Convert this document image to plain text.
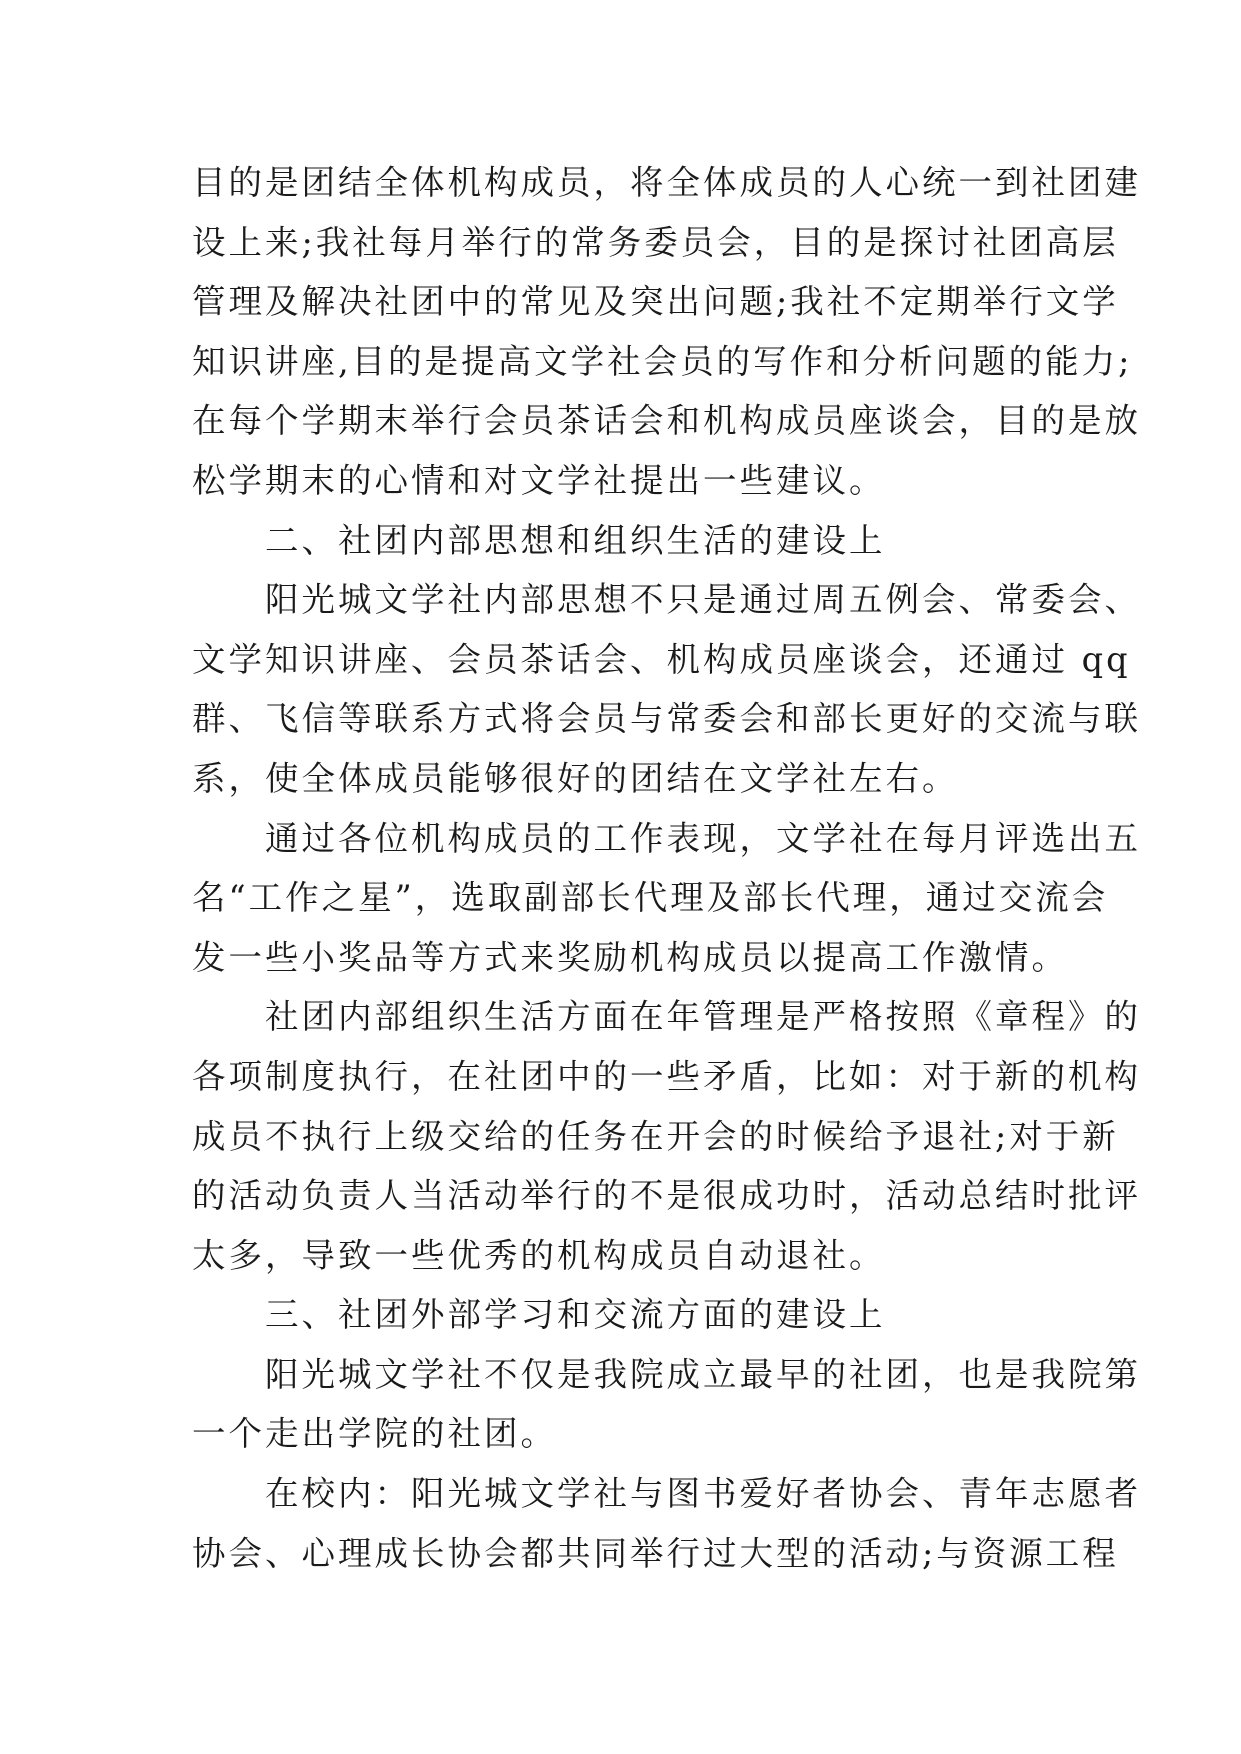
目的是团结全体机构成员，将全体成员的人心统一到社团建
设上来;我社每月举行的常务委员会，目的是探讨社团高层
管理及解决社团中的常见及突出问题;我社不定期举行文学
知识讲座,目的是提高文学社会员的写作和分析问题的能力;
在每个学期末举行会员茶话会和机构成员座谈会，目的是放
松学期末的心情和对文学社提出一些建议。
二、社团内部思想和组织生活的建设上
阳光城文学社内部思想不只是通过周五例会、常委会、
文学知识讲座、会员茶话会、机构成员座谈会，还通过 qq
群、飞信等联系方式将会员与常委会和部长更好的交流与联
系，使全体成员能够很好的团结在文学社左右。
通过各位机构成员的工作表现，文学社在每月评选出五
名“工作之星”，选取副部长代理及部长代理，通过交流会
发一些小奖品等方式来奖励机构成员以提高工作激情。
社团内部组织生活方面在年管理是严格按照《章程》的
各项制度执行，在社团中的一些矛盾，比如：对于新的机构
成员不执行上级交给的任务在开会的时候给予退社;对于新
的活动负责人当活动举行的不是很成功时，活动总结时批评
太多，导致一些优秀的机构成员自动退社。
三、社团外部学习和交流方面的建设上
阳光城文学社不仅是我院成立最早的社团，也是我院第
一个走出学院的社团。
在校内：阳光城文学社与图书爱好者协会、青年志愿者
协会、心理成长协会都共同举行过大型的活动;与资源工程
